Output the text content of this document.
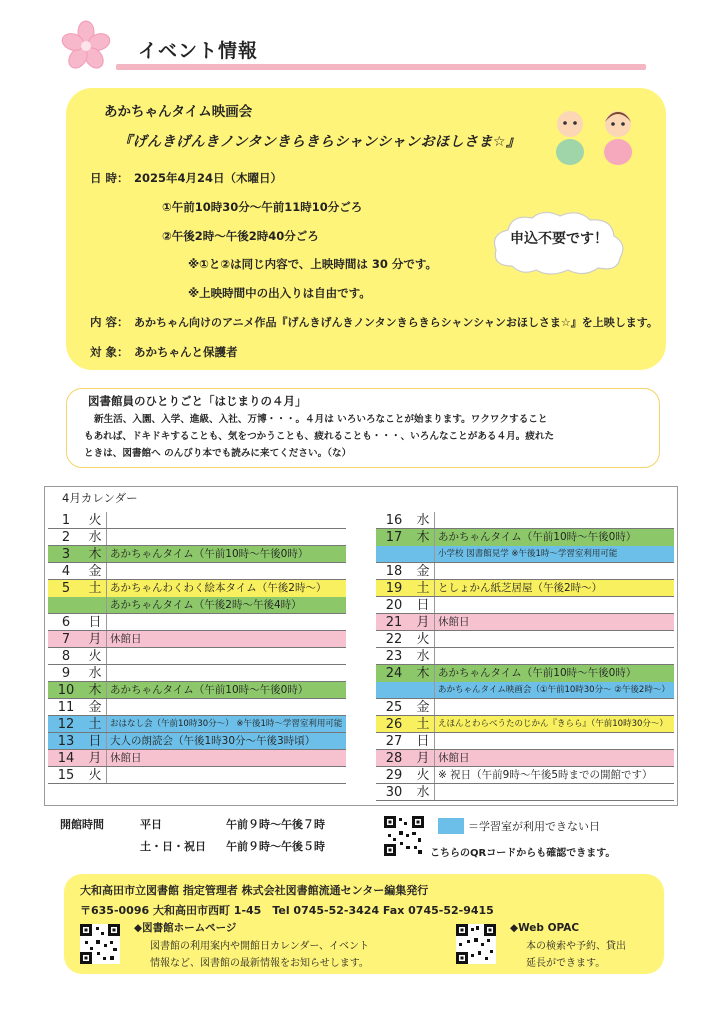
イベント情報
あかちゃんタイム映画会
『げんきげんきノンタンきらきらシャンシャンおほしさま☆』
日 時： 2025年4月24日（木曜日）
①午前10時30分～午前11時10分ごろ
②午後2時～午後2時40分ごろ
※①と②は同じ内容で、上映時間は 30 分です。
※上映時間中の出入りは自由です。
内 容： あかちゃん向けのアニメ作品『げんきげんきノンタンきらきらシャンシャンおほしさま☆』を上映します。
対 象： あかちゃんと保護者
申込不要です！
図書館員のひとりごと「はじまりの４月」

新生活、入園、入学、進級、入社、万博・・・。４月は いろいろなことが始まります。ワクワクすること

もあれば、ドキドキすることも、気をつかうことも、疲れることも・・・、いろんなことがある４月。疲れた

ときは、図書館へ のんびり本でも読みに来てください。（な）

4月カレンダー
1	火
2	水
3	木 あかちゃんタイム（午前10時～午後0時）
4	金
5	土 あかちゃんわくわく絵本タイム（午後2時～）
あかちゃんタイム（午後2時～午後4時）
6	日
7	月 休館日
8	火
9	水
10	木 あかちゃんタイム（午前10時～午後0時）
11	金
12	土	おはなし会（午前10時30分～） ※午後1時～学習室利用可能
13	日 大人の朗読会（午後1時30分～午後3時頃）
14	月 休館日
15	火
16	水
17	木 あかちゃんタイム（午前10時～午後0時）
小学校 図書館見学 ※午後1時～学習室利用可能
18	金
19	土 としょかん紙芝居屋（午後2時～）
20	日
21	月 休館日
22	火
23	水
24	木 あかちゃんタイム（午前10時～午後0時）
あかちゃんタイム映画会（①午前10時30分～ ②午後2時～）
25	金
26	土	えほんとわらべうたのじかん『きらら』（午前10時30分～）
27	日
28	月 休館日
29	火 ※ 祝日（午前9時～午後5時までの開館です）
30	水
開館時間	平日	午前９時～午後７時
土・日・祝日 午前９時～午後５時
＝学習室が利用できない日
こちらのQRコードからも確認できます。
大和高田市立図書館 指定管理者 株式会社図書館流通センター編集発行
〒635-0096 大和高田市西町 1-45　Tel 0745-52-3424 Fax 0745-52-9415
◆図書館ホームページ
図書館の利用案内や開館日カレンダー、イベント
情報など、図書館の最新情報をお知らせします。
◆Web OPAC
本の検索や予約、貸出
延長ができます。
